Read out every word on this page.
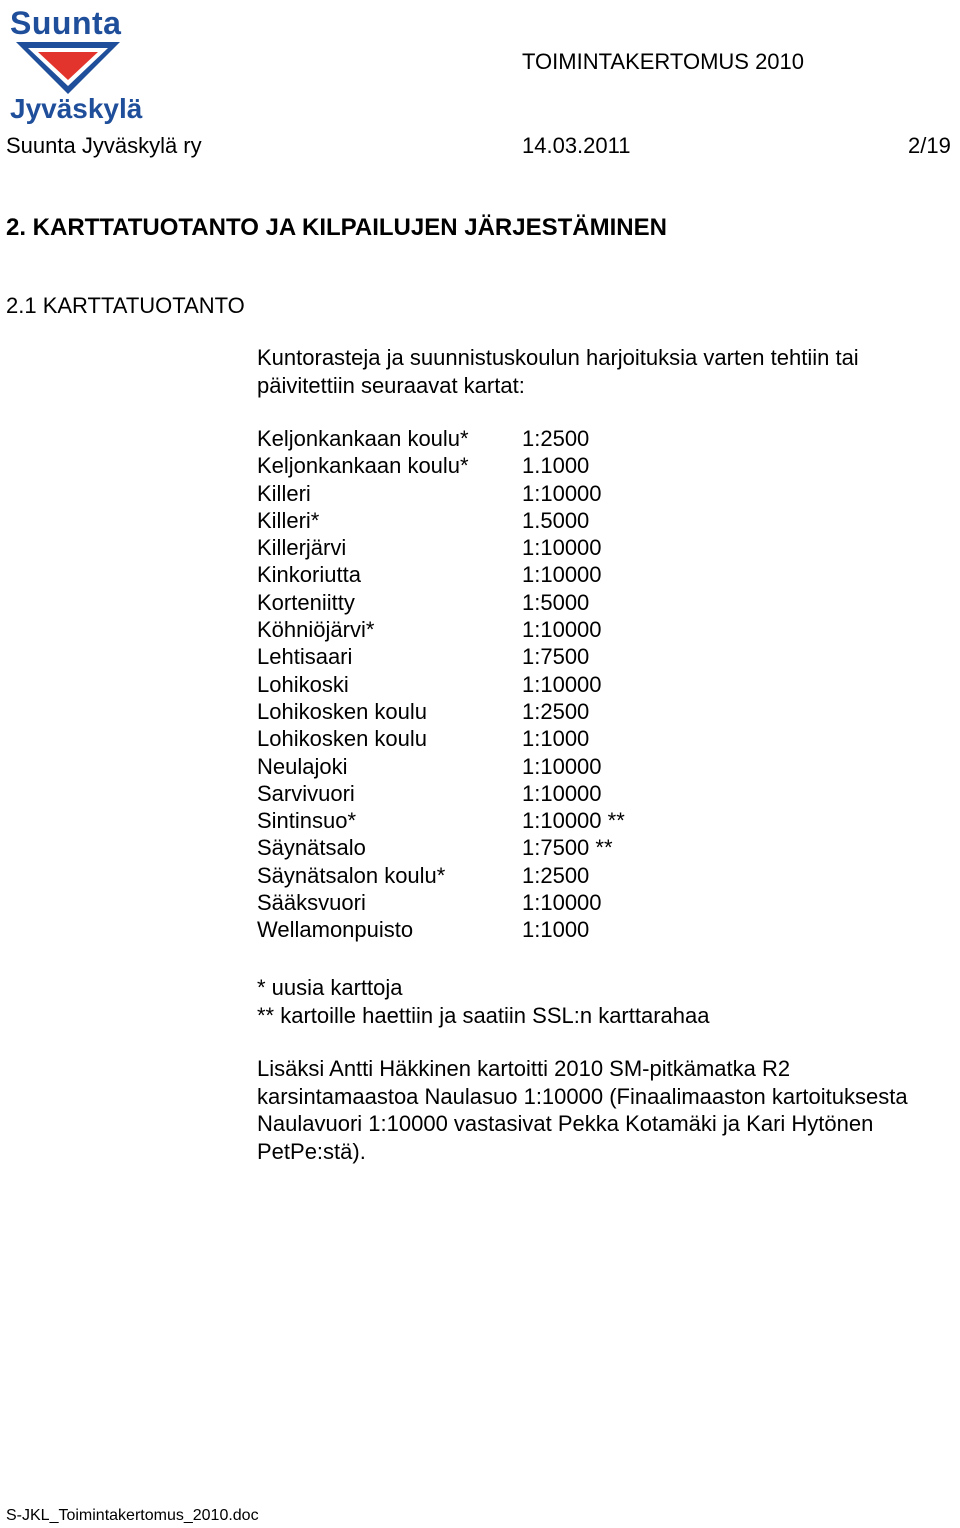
Suunta
Jyväskylä
TOIMINTAKERTOMUS 2010
Suunta Jyväskylä ry	14.03.2011	2/19
2. KARTTATUOTANTO JA KILPAILUJEN JÄRJESTÄMINEN
2.1 KARTTATUOTANTO
Kuntorasteja ja suunnistuskoulun harjoituksia varten tehtiin tai päivitettiin seuraavat kartat:
Keljonkankaan koulu* 1:2500
Keljonkankaan koulu* 1.1000
Killeri	1:10000
Killeri*	1.5000
Killerjärvi	1:10000
Kinkoriutta	1:10000
Korteniitty	1:5000
Köhniöjärvi*	1:10000
Lehtisaari	1:7500
Lohikoski	1:10000
Lohikosken koulu	1:2500
Lohikosken koulu	1:1000
Neulajoki	1:10000
Sarvivuori	1:10000
Sintinsuo*	1:10000 **
Säynätsalo	1:7500 **
Säynätsalon koulu*	1:2500
Sääksvuori	1:10000
Wellamonpuisto	1:1000
* uusia karttoja
** kartoille haettiin ja saatiin SSL:n karttarahaa
Lisäksi Antti Häkkinen kartoitti 2010 SM-pitkämatka R2
karsintamaastoa Naulasuo 1:10000 (Finaalimaaston kartoituksesta
Naulavuori 1:10000 vastasivat Pekka Kotamäki ja Kari Hytönen
PetPe:stä).
S-JKL_Toimintakertomus_2010.doc
